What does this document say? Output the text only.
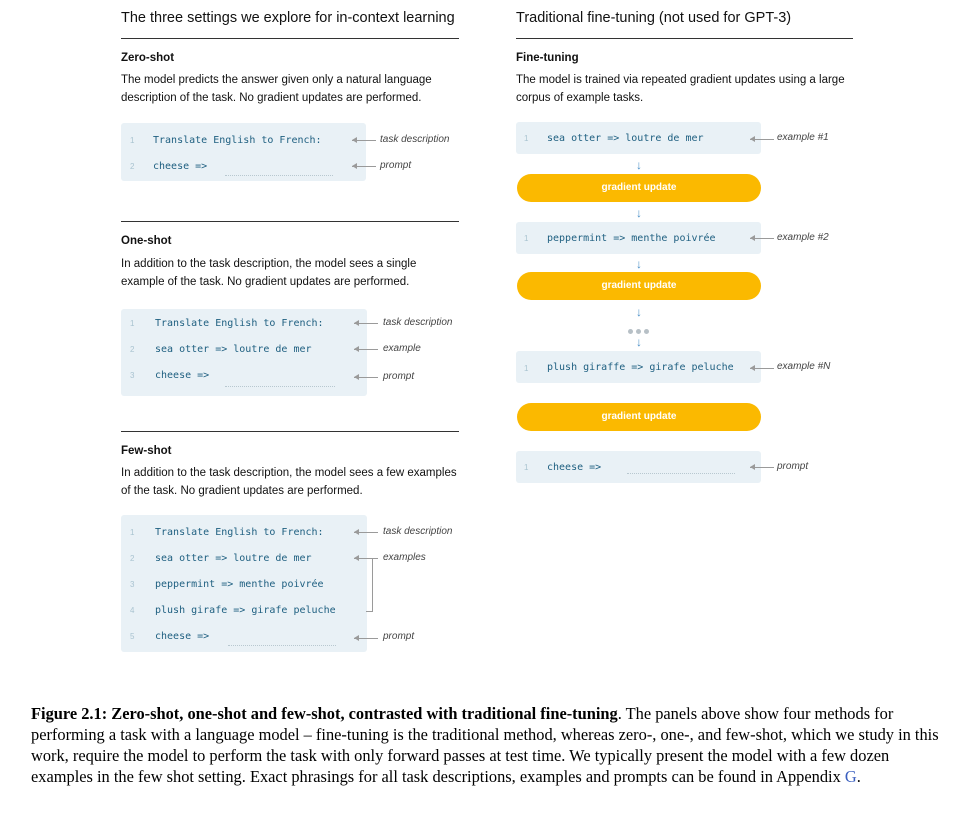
The three settings we explore for in-context learning
Zero-shot
The model predicts the answer given only a natural language description of the task. No gradient updates are performed.
1 Translate English to French:
2 cheese =>
task description
prompt
One-shot
In addition to the task description, the model sees a single example of the task. No gradient updates are performed.
1 Translate English to French:
2 sea otter => loutre de mer
3 cheese =>
task description
example
prompt
Few-shot
In addition to the task description, the model sees a few examples of the task. No gradient updates are performed.
1 Translate English to French:
2 sea otter => loutre de mer
3 peppermint => menthe poivrée
4 plush girafe => girafe peluche
5 cheese =>
task description
examples
prompt
Traditional fine-tuning (not used for GPT-3)
Fine-tuning
The model is trained via repeated gradient updates using a large corpus of example tasks.
1 sea otter => loutre de mer	example #1
↓
gradient update
↓
1 peppermint => menthe poivrée	example #2
↓
gradient update
↓
↓
1 plush giraffe => girafe peluche	example #N
gradient update
1 cheese =>	prompt
Figure 2.1: Zero-shot, one-shot and few-shot, contrasted with traditional fine-tuning. The panels above show four methods for performing a task with a language model – fine-tuning is the traditional method, whereas zero-, one-, and few-shot, which we study in this work, require the model to perform the task with only forward passes at test time. We typically present the model with a few dozen examples in the few shot setting. Exact phrasings for all task descriptions, examples and prompts can be found in Appendix G.
